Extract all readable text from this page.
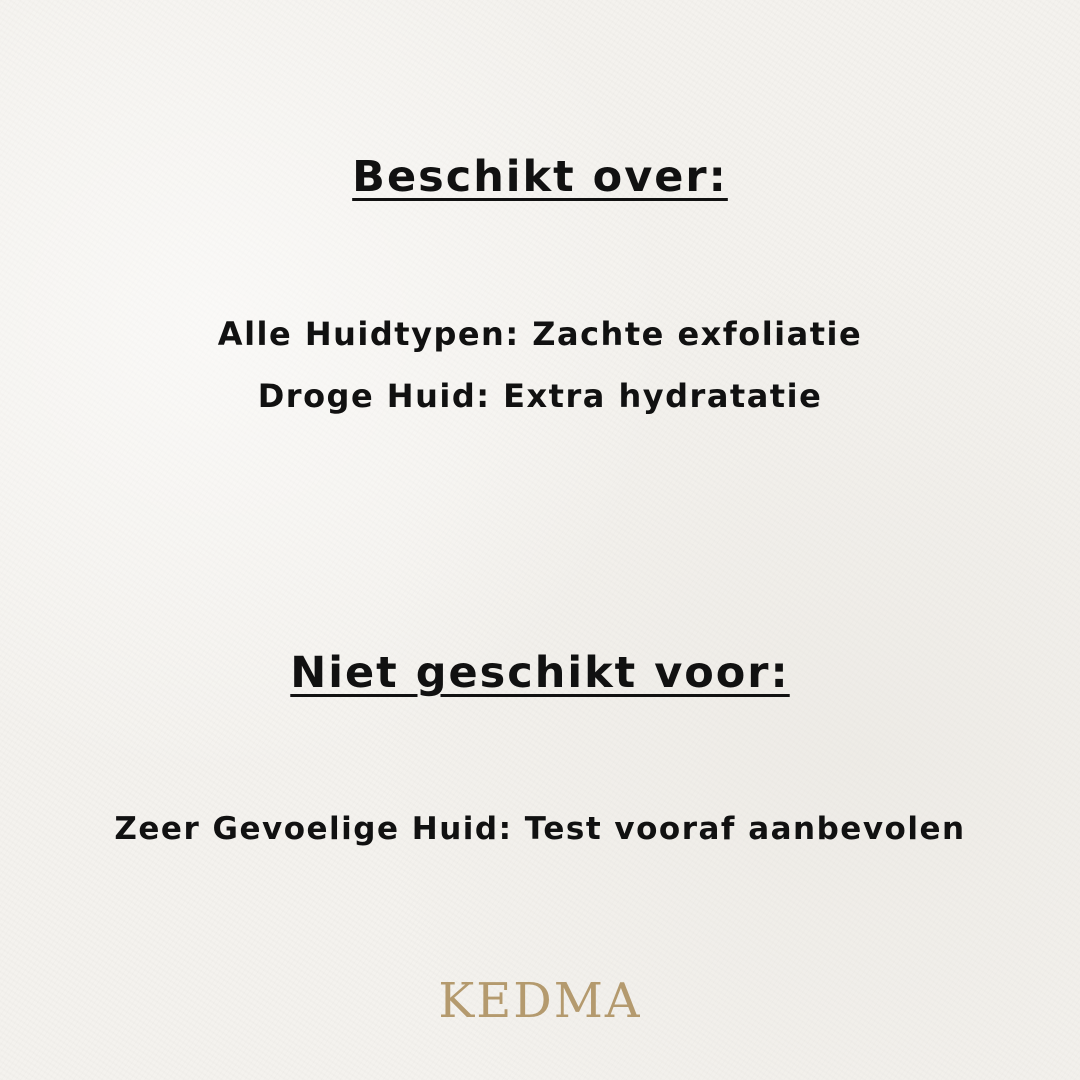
Beschikt over:

Alle Huidtypen: Zachte exfoliatie

Droge Huid: Extra hydratatie

Niet geschikt voor:

Zeer Gevoelige Huid: Test vooraf aanbevolen

KEDMA
